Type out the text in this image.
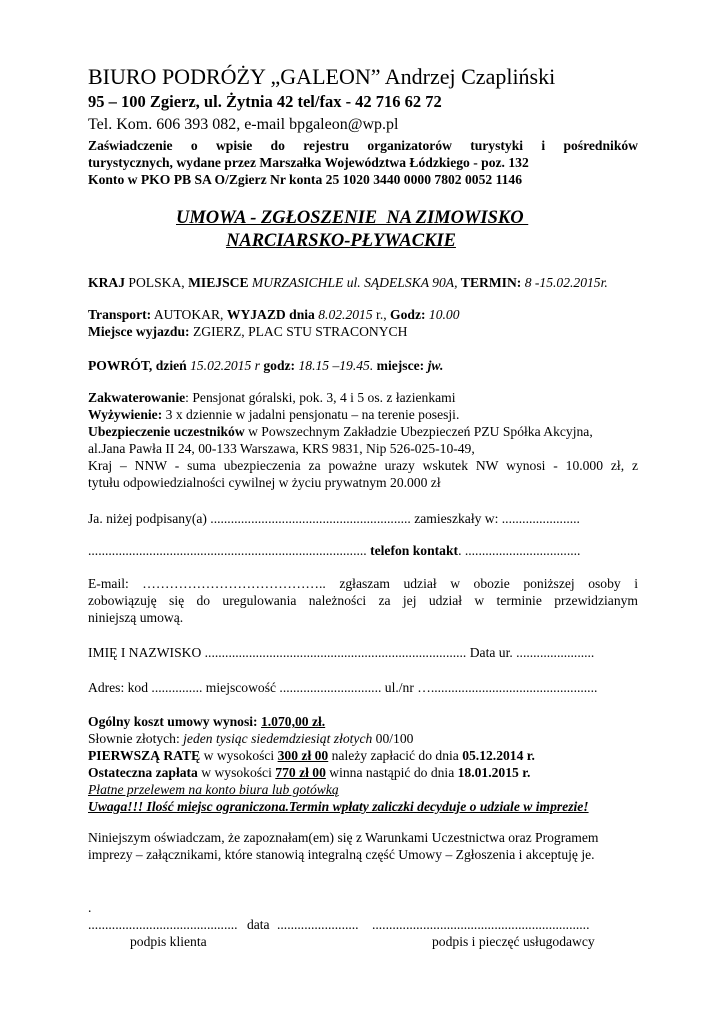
BIURO PODRÓŻY „GALEON” Andrzej Czapliński
95 – 100 Zgierz, ul. Żytnia 42 tel/fax - 42 716 62 72
Tel. Kom. 606 393 082, e-mail bpgaleon@wp.pl
Zaświadczenie o wpisie do rejestru organizatorów turystyki i pośredników
turystycznych, wydane przez Marszałka Województwa Łódzkiego - poz. 132
Konto w PKO PB SA O/Zgierz Nr konta 25 1020 3440 0000 7802 0052 1146
UMOWA - ZGŁOSZENIE  NA ZIMOWISKO
NARCIARSKO-PŁYWACKIE
KRAJ POLSKA, MIEJSCE MURZASICHLE ul. SĄDELSKA 90A, TERMIN: 8 -15.02.2015r.
Transport: AUTOKAR, WYJAZD dnia 8.02.2015 r., Godz: 10.00
Miejsce wyjazdu: ZGIERZ, PLAC STU STRACONYCH
POWRÓT, dzień 15.02.2015 r godz: 18.15 –19.45. miejsce: jw.
Zakwaterowanie: Pensjonat góralski, pok. 3, 4 i 5 os. z łazienkami
Wyżywienie: 3 x dziennie w jadalni pensjonatu – na terenie posesji.
Ubezpieczenie uczestników w Powszechnym Zakładzie Ubezpieczeń PZU Spółka Akcyjna,
al.Jana Pawła II 24, 00-133 Warszawa, KRS 9831, Nip 526-025-10-49,
Kraj – NNW - suma ubezpieczenia za poważne urazy wskutek NW wynosi - 10.000 zł, z
tytułu odpowiedzialności cywilnej w życiu prywatnym 20.000 zł
Ja. niżej podpisany(a) ........................................................... zamieszkały w: .......................
.................................................................................. telefon kontakt. ..................................
E-mail: ………………………………….. zgłaszam udział w obozie poniższej osoby i
zobowiązuję się do uregulowania należności za jej udział w terminie przewidzianym
niniejszą umową.
IMIĘ I NAZWISKO ............................................................................. Data ur. .......................
Adres: kod ............... miejscowość .............................. ul./nr ….................................................
Ogólny koszt umowy wynosi: 1.070,00 zł.
Słownie złotych: jeden tysiąc siedemdziesiąt złotych 00/100
PIERWSZĄ RATĘ w wysokości 300 zł 00 należy zapłacić do dnia 05.12.2014 r.
Ostateczna zapłata w wysokości 770 zł 00 winna nastąpić do dnia 18.01.2015 r.
Płatne przelewem na konto biura lub gotówką
Uwaga!!! Ilość miejsc ograniczona.Termin wpłaty zaliczki decyduje o udziale w imprezie!
Niniejszym oświadczam, że zapoznałam(em) się z Warunkami Uczestnictwa oraz Programem
imprezy – załącznikami, które stanowią integralną część Umowy – Zgłoszenia i akceptuję je.
.
............................................ data ........................ ................................................................
podpis klienta	podpis i pieczęć usługodawcy
